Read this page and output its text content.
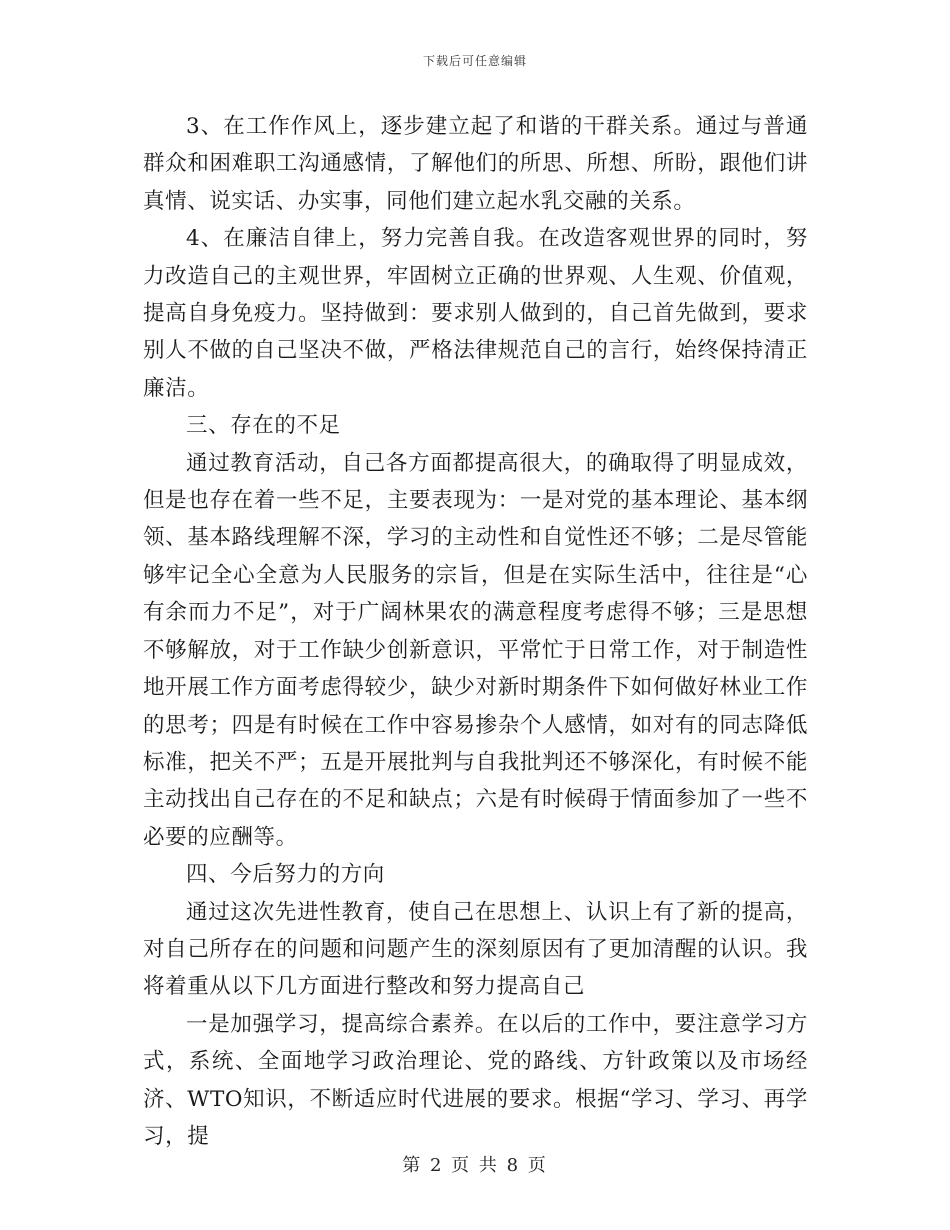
下载后可任意编辑

3、在工作作风上，逐步建立起了和谐的干群关系。通过与普通群众和困难职工沟通感情，了解他们的所思、所想、所盼，跟他们讲真情、说实话、办实事，同他们建立起水乳交融的关系。

4、在廉洁自律上，努力完善自我。在改造客观世界的同时，努力改造自己的主观世界，牢固树立正确的世界观、人生观、价值观，提高自身免疫力。坚持做到：要求别人做到的，自己首先做到，要求别人不做的自己坚决不做，严格法律规范自己的言行，始终保持清正廉洁。

三、存在的不足

通过教育活动，自己各方面都提高很大，的确取得了明显成效，但是也存在着一些不足，主要表现为：一是对党的基本理论、基本纲领、基本路线理解不深，学习的主动性和自觉性还不够；二是尽管能够牢记全心全意为人民服务的宗旨，但是在实际生活中，往往是“心有余而力不足”，对于广阔林果农的满意程度考虑得不够；三是思想不够解放，对于工作缺少创新意识，平常忙于日常工作，对于制造性地开展工作方面考虑得较少，缺少对新时期条件下如何做好林业工作的思考；四是有时候在工作中容易掺杂个人感情，如对有的同志降低标准，把关不严；五是开展批判与自我批判还不够深化，有时候不能主动找出自己存在的不足和缺点；六是有时候碍于情面参加了一些不必要的应酬等。

四、今后努力的方向

通过这次先进性教育，使自己在思想上、认识上有了新的提高，对自己所存在的问题和问题产生的深刻原因有了更加清醒的认识。我将着重从以下几方面进行整改和努力提高自己

一是加强学习，提高综合素养。在以后的工作中，要注意学习方式，系统、全面地学习政治理论、党的路线、方针政策以及市场经济、WTO知识，不断适应时代进展的要求。根据“学习、学习、再学习，提

第 2 页 共 8 页
